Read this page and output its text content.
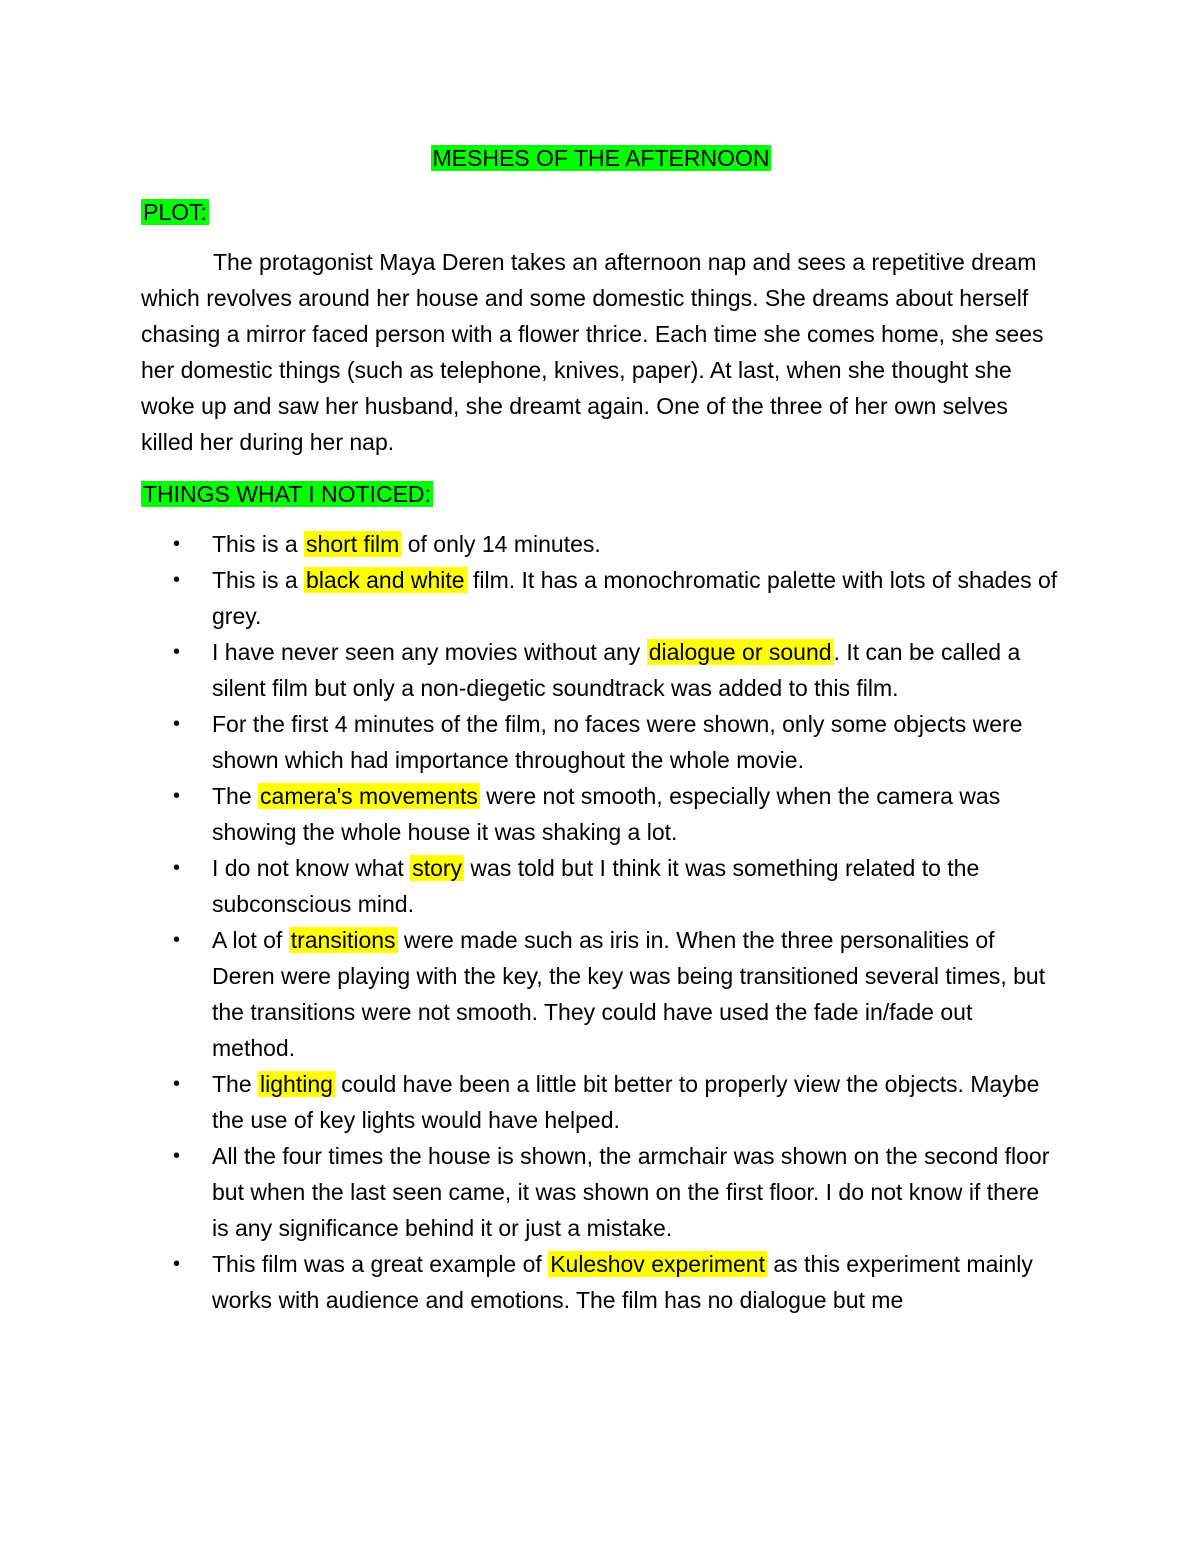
MESHES OF THE AFTERNOON
PLOT:

The protagonist Maya Deren takes an afternoon nap and sees a repetitive dream which revolves around her house and some domestic things. She dreams about herself chasing a mirror faced person with a flower thrice. Each time she comes home, she sees her domestic things (such as telephone, knives, paper). At last, when she thought she woke up and saw her husband, she dreamt again. One of the three of her own selves killed her during her nap.

THINGS WHAT I NOTICED:
• This is a short film of only 14 minutes.
• This is a black and white film. It has a monochromatic palette with lots of shades of grey.
• I have never seen any movies without any dialogue or sound. It can be called a silent film but only a non-diegetic soundtrack was added to this film.
• For the first 4 minutes of the film, no faces were shown, only some objects were shown which had importance throughout the whole movie.
• The camera's movements were not smooth, especially when the camera was showing the whole house it was shaking a lot.
• I do not know what story was told but I think it was something related to the subconscious mind.
• A lot of transitions were made such as iris in. When the three personalities of Deren were playing with the key, the key was being transitioned several times, but the transitions were not smooth. They could have used the fade in/fade out method.
• The lighting could have been a little bit better to properly view the objects. Maybe the use of key lights would have helped.
• All the four times the house is shown, the armchair was shown on the second floor but when the last seen came, it was shown on the first floor. I do not know if there is any significance behind it or just a mistake.
• This film was a great example of Kuleshov experiment as this experiment mainly works with audience and emotions. The film has no dialogue but me
